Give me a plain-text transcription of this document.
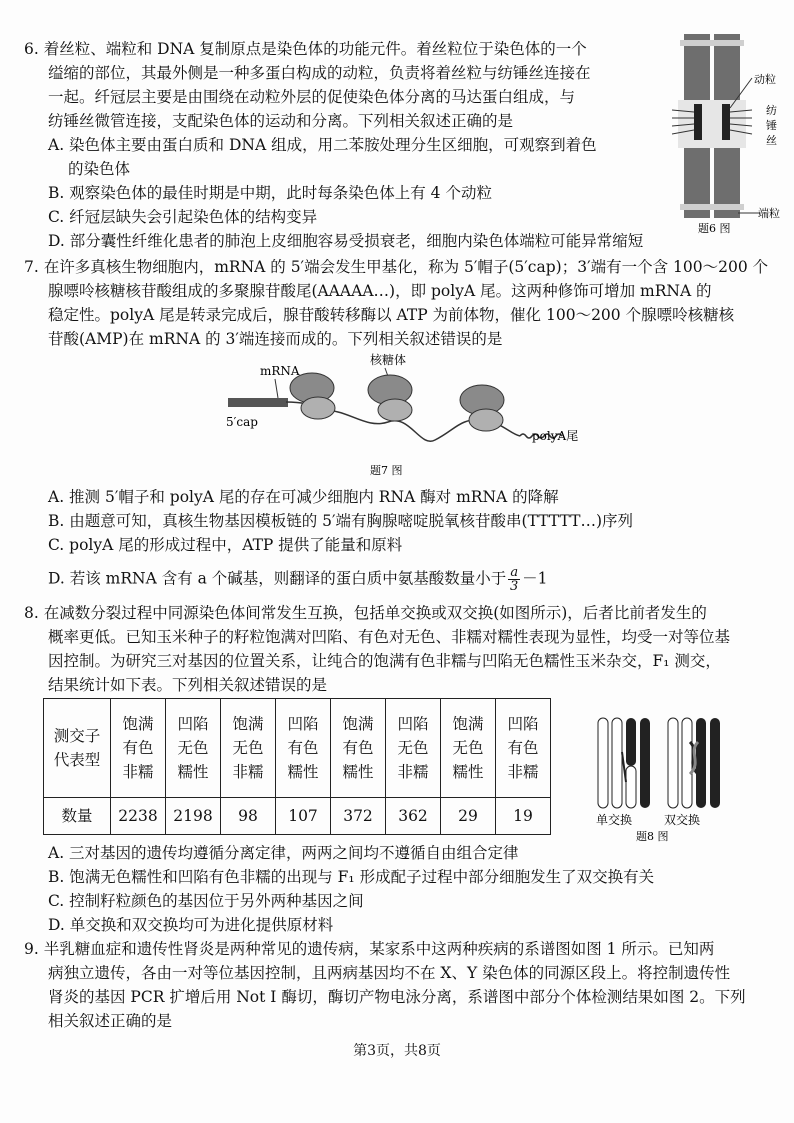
6. 着丝粒、端粒和 DNA 复制原点是染色体的功能元件。着丝粒位于染色体的一个
缢缩的部位，其最外侧是一种多蛋白构成的动粒，负责将着丝粒与纺锤丝连接在
一起。纤冠层主要是由围绕在动粒外层的促使染色体分离的马达蛋白组成，与
纺锤丝微管连接，支配染色体的运动和分离。下列相关叙述正确的是
A. 染色体主要由蛋白质和 DNA 组成，用二苯胺处理分生区细胞，可观察到着色
的染色体
B. 观察染色体的最佳时期是中期，此时每条染色体上有 4 个动粒
C. 纤冠层缺失会引起染色体的结构变异
D. 部分囊性纤维化患者的肺泡上皮细胞容易受损衰老，细胞内染色体端粒可能异常缩短
动粒
纺
锤
丝
端粒
题6 图
7. 在许多真核生物细胞内，mRNA 的 5′端会发生甲基化，称为 5′帽子(5′cap)；3′端有一个含 100～200 个
腺嘌呤核糖核苷酸组成的多聚腺苷酸尾(AAAAA…)，即 polyA 尾。这两种修饰可增加 mRNA 的
稳定性。polyA 尾是转录完成后，腺苷酸转移酶以 ATP 为前体物，催化 100～200 个腺嘌呤核糖核
苷酸(AMP)在 mRNA 的 3′端连接而成的。下列相关叙述错误的是
核糖体
mRNA
5′cap
polyA尾
题7 图
A. 推测 5′帽子和 polyA 尾的存在可减少细胞内 RNA 酶对 mRNA 的降解
B. 由题意可知，真核生物基因模板链的 5′端有胸腺嘧啶脱氧核苷酸串(TTTTT…)序列
C. polyA 尾的形成过程中，ATP 提供了能量和原料
D. 若该 mRNA 含有 a 个碱基，则翻译的蛋白质中氨基酸数量小于 $\frac{a}{3} -1$
8. 在减数分裂过程中同源染色体间常发生互换，包括单交换或双交换(如图所示)，后者比前者发生的
概率更低。已知玉米种子的籽粒饱满对凹陷、有色对无色、非糯对糯性表现为显性，均受一对等位基
因控制。为研究三对基因的位置关系，让纯合的饱满有色非糯与凹陷无色糯性玉米杂交，F₁ 测交，
结果统计如下表。下列相关叙述错误的是
测交子
代表型	饱满
有色
非糯	凹陷
无色
糯性	饱满
无色
非糯	凹陷
有色
糯性	饱满
有色
糯性	凹陷
无色
非糯	饱满
无色
糯性	凹陷
有色
非糯
数量	2238	2198	98	107	372	362	29	19	单交换	双交换
题8 图
A. 三对基因的遗传均遵循分离定律，两两之间均不遵循自由组合定律
B. 饱满无色糯性和凹陷有色非糯的出现与 F₁ 形成配子过程中部分细胞发生了双交换有关
C. 控制籽粒颜色的基因位于另外两种基因之间
D. 单交换和双交换均可为进化提供原材料
9. 半乳糖血症和遗传性肾炎是两种常见的遗传病，某家系中这两种疾病的系谱图如图 1 所示。已知两
病独立遗传，各由一对等位基因控制，且两病基因均不在 X、Y 染色体的同源区段上。将控制遗传性
肾炎的基因 PCR 扩增后用 Not Ⅰ 酶切，酶切产物电泳分离，系谱图中部分个体检测结果如图 2。下列
相关叙述正确的是
第3页，共8页
